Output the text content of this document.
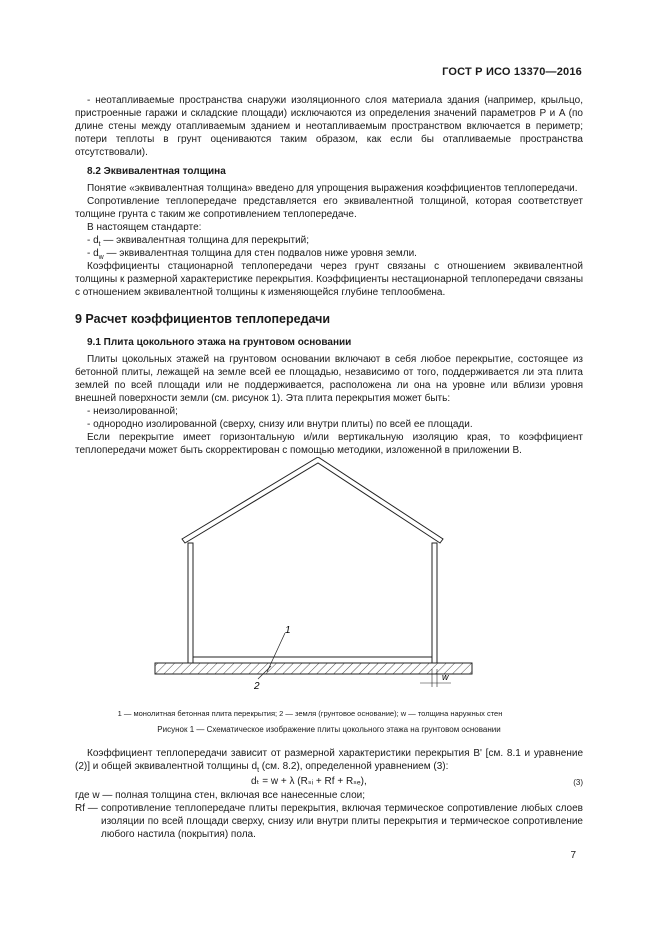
ГОСТ Р ИСО 13370—2016

- неотапливаемые пространства снаружи изоляционного слоя материала здания (например, крыльцо, пристроенные гаражи и складские площади) исключаются из определения значений параметров P и A (по длине стены между отапливаемым зданием и неотапливаемым пространством включается в периметр; потери теплоты в грунт оцениваются таким образом, как если бы отапливаемые пространства отсутствовали).

8.2 Эквивалентная толщина

Понятие «эквивалентная толщина» введено для упрощения выражения коэффициентов теплопередачи.

Сопротивление теплопередаче представляется его эквивалентной толщиной, которая соответствует толщине грунта с таким же сопротивлением теплопередаче.

В настоящем стандарте:

- $d_t$ — эквивалентная толщина для перекрытий;

- $d_w$ — эквивалентная толщина для стен подвалов ниже уровня земли.

Коэффициенты стационарной теплопередачи через грунт связаны с отношением эквивалентной толщины к размерной характеристике перекрытия. Коэффициенты нестационарной теплопередачи связаны с отношением эквивалентной толщины к изменяющейся глубине теплообмена.

9 Расчет коэффициентов теплопередачи

9.1 Плита цокольного этажа на грунтовом основании

Плиты цокольных этажей на грунтовом основании включают в себя любое перекрытие, состоящее из бетонной плиты, лежащей на земле всей ее площадью, независимо от того, поддерживается ли эта плита землей по всей площади или не поддерживается, расположена ли она на уровне или вблизи уровня внешней поверхности земли (см. рисунок 1). Эта плита перекрытия может быть:

- неизолированной;

- однородно изолированной (сверху, снизу или внутри плиты) по всей ее площади.

Если перекрытие имеет горизонтальную и/или вертикальную изоляцию края, то коэффициент теплопередачи может быть скорректирован с помощью методики, изложенной в приложении В.

1
2
w
1 — монолитная бетонная плита перекрытия; 2 — земля (грунтовое основание); w — толщина наружных стен
Рисунок 1 — Схематическое изображение плиты цокольного этажа на грунтовом основании

Коэффициент теплопередачи зависит от размерной характеристики перекрытия B' [см. 8.1 и уравнение (2)] и общей эквивалентной толщины $d_t$ (см. 8.2), определенной уравнением (3):

dₜ = w + λ (Rₛᵢ + Rf + Rₛₑ),	(3)

где w — полная толщина стен, включая все нанесенные слои;

Rf — сопротивление теплопередаче плиты перекрытия, включая термическое сопротивление любых слоев изоляции по всей площади сверху, снизу или внутри плиты перекрытия и термическое сопротивление любого настила (покрытия) пола.

7
